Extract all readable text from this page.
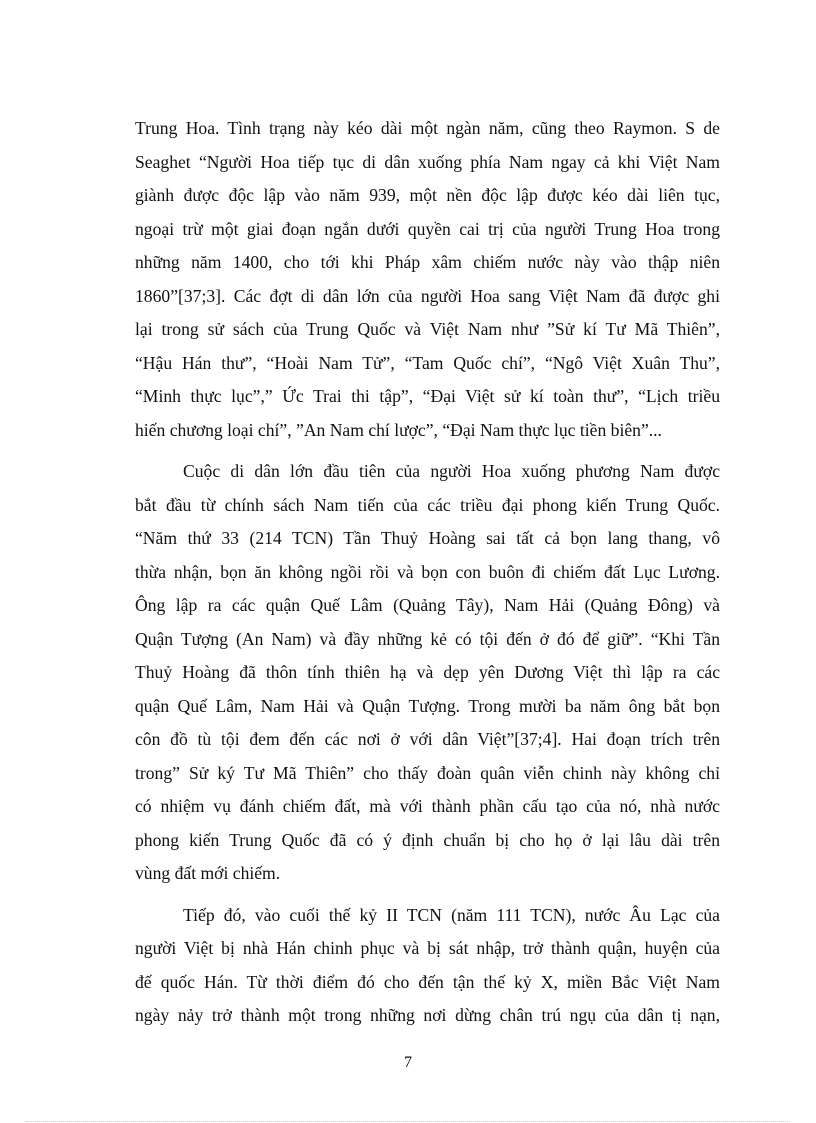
Trung Hoa. Tình trạng này kéo dài một ngàn năm, cũng theo Raymon. S de
Seaghet “Người Hoa tiếp tục di dân xuống phía Nam ngay cả khi Việt Nam
giành được độc lập vào năm 939, một nền độc lập được kéo dài liên tục,
ngoại trừ một giai đoạn ngắn dưới quyền cai trị của người Trung Hoa trong
những năm 1400, cho tới khi Pháp xâm chiếm nước này vào thập niên
1860”[37;3]. Các đợt di dân lớn của người Hoa sang Việt Nam đã được ghi
lại trong sử sách của Trung Quốc và Việt Nam như ”Sử kí Tư Mã Thiên”,
“Hậu Hán thư”, “Hoài Nam Tử”, “Tam Quốc chí”, “Ngô Việt Xuân Thu”,
“Minh thực lục”,” Ức Trai thi tập”, “Đại Việt sử kí toàn thư”, “Lịch triều
hiến chương loại chí”, ”An Nam chí lược”, “Đại Nam thực lục tiền biên”...
Cuộc di dân lớn đầu tiên của người Hoa xuống phương Nam được
bắt đầu từ chính sách Nam tiến của các triều đại phong kiến Trung Quốc.
“Năm thứ 33 (214 TCN) Tần Thuỷ Hoàng sai tất cả bọn lang thang, vô
thừa nhận, bọn ăn không ngồi rồi và bọn con buôn đi chiếm đất Lục Lương.
Ông lập ra các quận Quế Lâm (Quảng Tây), Nam Hải (Quảng Đông) và
Quận Tượng (An Nam) và đầy những kẻ có tội đến ở đó để giữ”. “Khi Tần
Thuỷ Hoàng đã thôn tính thiên hạ và dẹp yên Dương Việt thì lập ra các
quận Quế Lâm, Nam Hải và Quận Tượng. Trong mười ba năm ông bắt bọn
côn đồ tù tội đem đến các nơi ở với dân Việt”[37;4]. Hai đoạn trích trên
trong” Sử ký Tư Mã Thiên” cho thấy đoàn quân viễn chinh này không chỉ
có nhiệm vụ đánh chiếm đất, mà với thành phần cấu tạo của nó, nhà nước
phong kiến Trung Quốc đã có ý định chuẩn bị cho họ ở lại lâu dài trên
vùng đất mới chiếm.
Tiếp đó, vào cuối thế kỷ II TCN (năm 111 TCN), nước Âu Lạc của
người Việt bị nhà Hán chinh phục và bị sát nhập, trở thành quận, huyện của
đế quốc Hán. Từ thời điểm đó cho đến tận thế kỷ X, miền Bắc Việt Nam
ngày nảy trở thành một trong những nơi dừng chân trú ngụ của dân tị nạn,
7
